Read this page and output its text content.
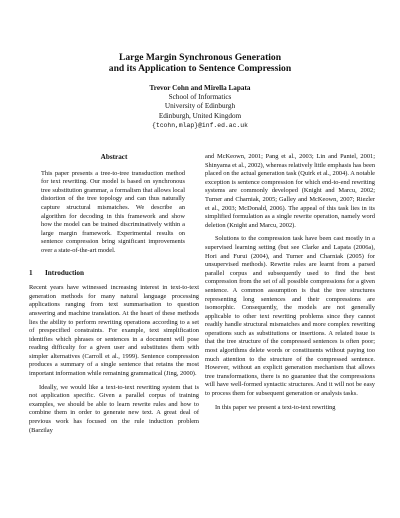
Large Margin Synchronous Generation
and its Application to Sentence Compression
Trevor Cohn and Mirella Lapata
School of Informatics
University of Edinburgh
Edinburgh, United Kingdom
{tcohn,mlap}@inf.ed.ac.uk
Abstract

This paper presents a tree-to-tree transduction method for text rewriting. Our model is based on synchronous tree substitution grammar, a formalism that allows local distortion of the tree topology and can thus naturally capture structural mismatches. We describe an algorithm for decoding in this framework and show how the model can be trained discriminatively within a large margin framework. Experimental results on sentence compression bring significant improvements over a state-of-the-art model.

1 Introduction

Recent years have witnessed increasing interest in text-to-text generation methods for many natural language processing applications ranging from text summarisation to question answering and machine translation. At the heart of these methods lies the ability to perform rewriting operations according to a set of prespecified constraints. For example, text simplification identifies which phrases or sentences in a document will pose reading difficulty for a given user and substitutes them with simpler alternatives (Carroll et al., 1999). Sentence compression produces a summary of a single sentence that retains the most important information while remaining grammatical (Jing, 2000).

Ideally, we would like a text-to-text rewriting system that is not application specific. Given a parallel corpus of training examples, we should be able to learn rewrite rules and how to combine them in order to generate new text. A great deal of previous work has focused on the rule induction problem (Barzilay

and McKeown, 2001; Pang et al., 2003; Lin and Pantel, 2001; Shinyama et al., 2002), whereas relatively little emphasis has been placed on the actual generation task (Quirk et al., 2004). A notable exception is sentence compression for which end-to-end rewriting systems are commonly developed (Knight and Marcu, 2002; Turner and Charniak, 2005; Galley and McKeown, 2007; Riezler et al., 2003; McDonald, 2006). The appeal of this task lies in its simplified formulation as a single rewrite operation, namely word deletion (Knight and Marcu, 2002).

Solutions to the compression task have been cast mostly in a supervised learning setting (but see Clarke and Lapata (2006a), Hori and Furui (2004), and Turner and Charniak (2005) for unsupervised methods). Rewrite rules are learnt from a parsed parallel corpus and subsequently used to find the best compression from the set of all possible compressions for a given sentence. A common assumption is that the tree structures representing long sentences and their compressions are isomorphic. Consequently, the models are not generally applicable to other text rewriting problems since they cannot readily handle structural mismatches and more complex rewriting operations such as substitutions or insertions. A related issue is that the tree structure of the compressed sentences is often poor; most algorithms delete words or constituents without paying too much attention to the structure of the compressed sentence. However, without an explicit generation mechanism that allows tree transformations, there is no guarantee that the compressions will have well-formed syntactic structures. And it will not be easy to process them for subsequent generation or analysis tasks.

In this paper we present a text-to-text rewriting
